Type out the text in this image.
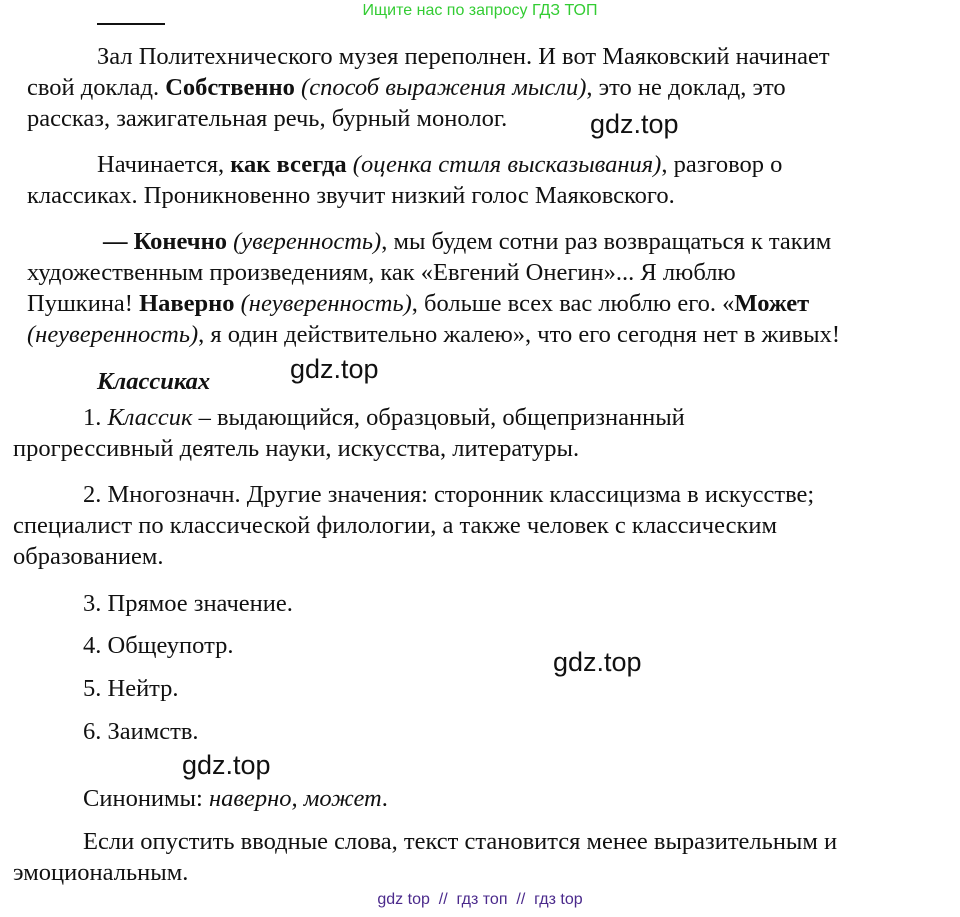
Ищите нас по запросу ГДЗ ТОП
Зал Политехнического музея переполнен. И вот Маяковский начинает
свой доклад. Собственно (способ выражения мысли), это не доклад, это
рассказ, зажигательная речь, бурный монолог.
Начинается, как всегда (оценка стиля высказывания), разговор о
классиках. Проникновенно звучит низкий голос Маяковского.
— Конечно (уверенность), мы будем сотни раз возвращаться к таким
художественным произведениям, как «Евгений Онегин»... Я люблю
Пушкина! Наверно (неуверенность), больше всех вас люблю его. «Может
(неуверенность), я один действительно жалею», что его сегодня нет в живых!
Классиках
1. Классик – выдающийся, образцовый, общепризнанный
прогрессивный деятель науки, искусства, литературы.
2. Многозначн. Другие значения: сторонник классицизма в искусстве;
специалист по классической филологии, а также человек с классическим
образованием.
3. Прямое значение.
4. Общеупотр.
5. Нейтр.
6. Заимств.
Синонимы: наверно, может.
Если опустить вводные слова, текст становится менее выразительным и
эмоциональным.
gdz.top
gdz.top
gdz.top
gdz.top
gdz top  //  гдз топ  //  гдз top
